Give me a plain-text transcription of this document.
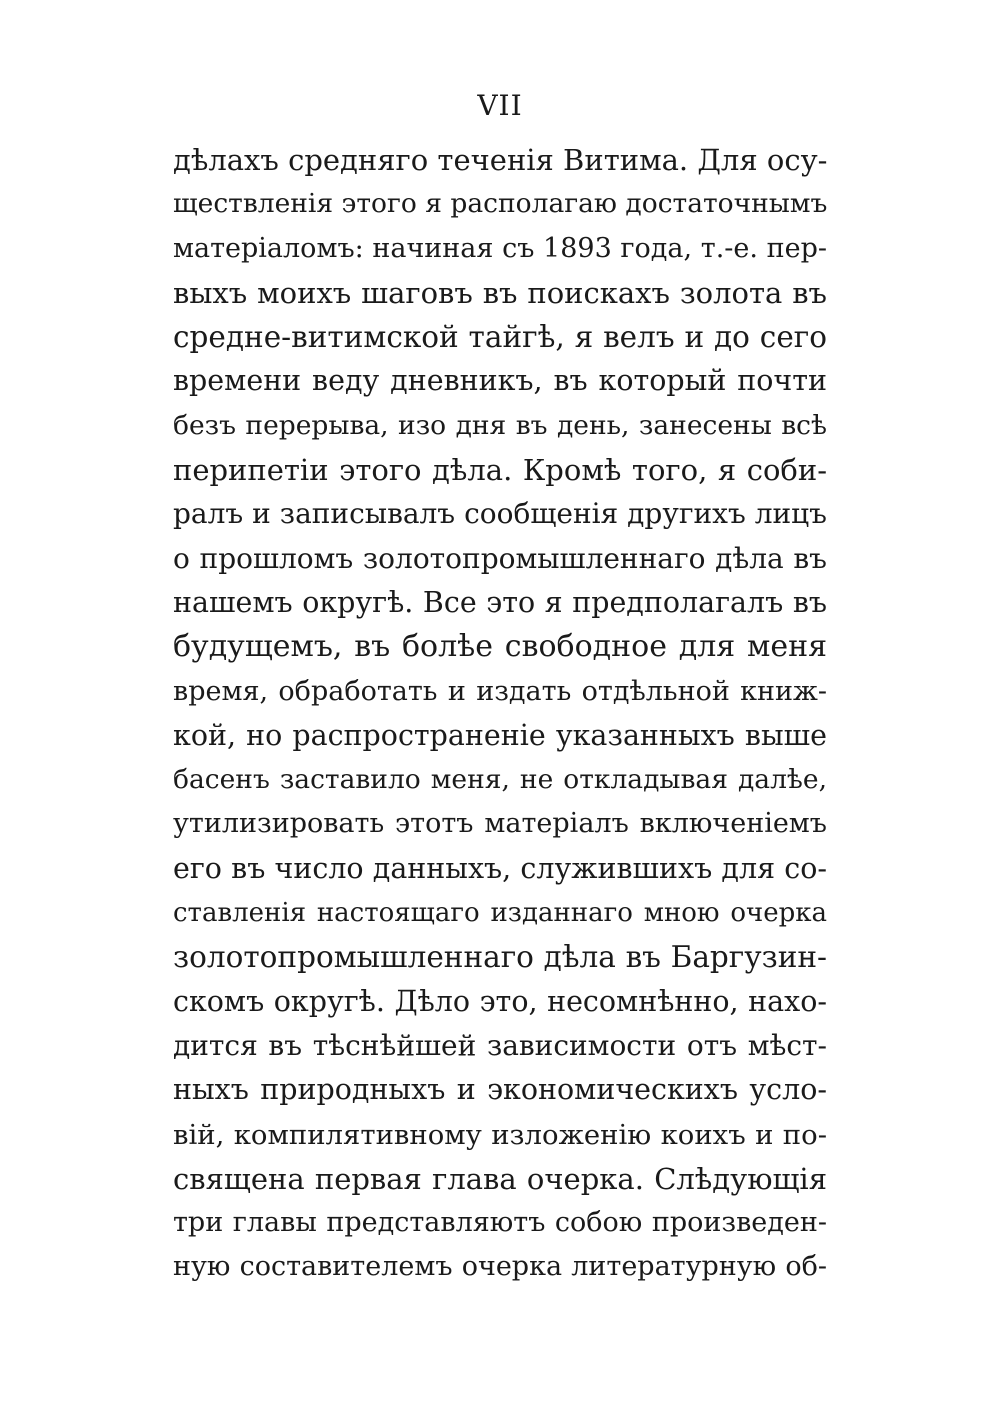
VII
дѣлахъ средняго теченія Витима. Для осу-
ществленія этого я располагаю достаточнымъ
матеріаломъ: начиная съ 1893 года, т.-е. пер-
выхъ моихъ шаговъ въ поискахъ золота въ
средне-витимской тайгѣ, я велъ и до сего
времени веду дневникъ, въ который почти
безъ перерыва, изо дня въ день, занесены всѣ
перипетіи этого дѣла. Кромѣ того, я соби-
ралъ и записывалъ сообщенія другихъ лицъ
о прошломъ золотопромышленнаго дѣла въ
нашемъ округѣ. Все это я предполагалъ въ
будущемъ, въ болѣе свободное для меня
время, обработать и издать отдѣльной книж-
кой, но распространеніе указанныхъ выше
басенъ заставило меня, не откладывая далѣе,
утилизировать этотъ матеріалъ включеніемъ
его въ число данныхъ, служившихъ для со-
ставленія настоящаго изданнаго мною очерка
золотопромышленнаго дѣла въ Баргузин-
скомъ округѣ. Дѣло это, несомнѣнно, нахо-
дится въ тѣснѣйшей зависимости отъ мѣст-
ныхъ природныхъ и экономическихъ усло-
вій, компилятивному изложенію коихъ и по-
священа первая глава очерка. Слѣдующія
три главы представляютъ собою произведен-
ную составителемъ очерка литературную об-
